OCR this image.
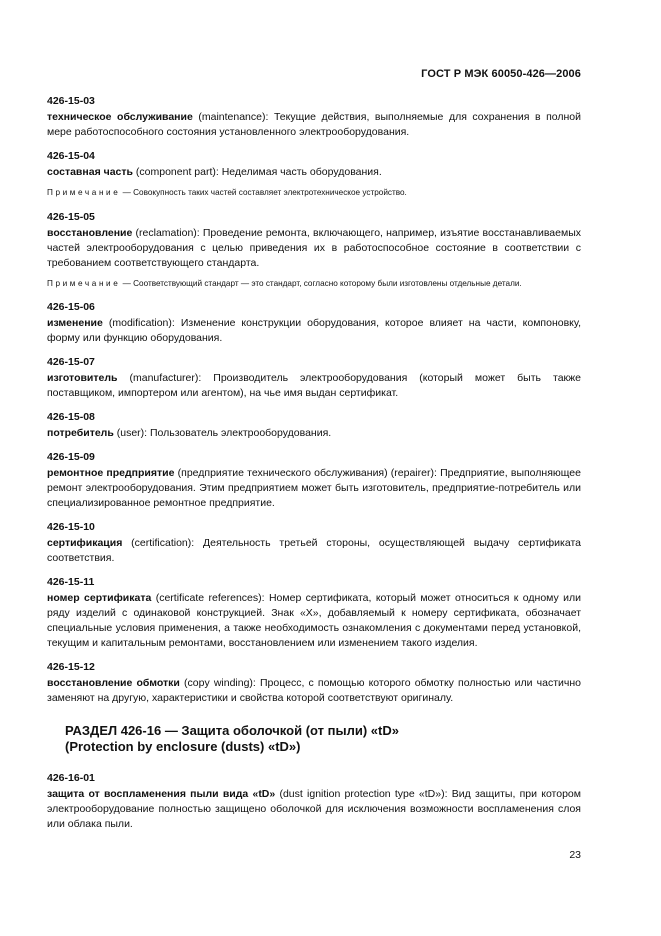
ГОСТ Р МЭК 60050-426—2006
426-15-03
техническое обслуживание (maintenance): Текущие действия, выполняемые для сохранения в полной мере работоспособного состояния установленного электрооборудования.
426-15-04
составная часть (component part): Неделимая часть оборудования.
Примечание — Совокупность таких частей составляет электротехническое устройство.
426-15-05
восстановление (reclamation): Проведение ремонта, включающего, например, изъятие восстанавливаемых частей электрооборудования с целью приведения их в работоспособное состояние в соответствии с требованием соответствующего стандарта.
Примечание — Соответствующий стандарт — это стандарт, согласно которому были изготовлены отдельные детали.
426-15-06
изменение (modification): Изменение конструкции оборудования, которое влияет на части, компоновку, форму или функцию оборудования.
426-15-07
изготовитель (manufacturer): Производитель электрооборудования (который может быть также поставщиком, импортером или агентом), на чье имя выдан сертификат.
426-15-08
потребитель (user): Пользователь электрооборудования.
426-15-09
ремонтное предприятие (предприятие технического обслуживания) (repairer): Предприятие, выполняющее ремонт электрооборудования. Этим предприятием может быть изготовитель, предприятие-потребитель или специализированное ремонтное предприятие.
426-15-10
сертификация (certification): Деятельность третьей стороны, осуществляющей выдачу сертификата соответствия.
426-15-11
номер сертификата (certificate references): Номер сертификата, который может относиться к одному или ряду изделий с одинаковой конструкцией. Знак «Х», добавляемый к номеру сертификата, обозначает специальные условия применения, а также необходимость ознакомления с документами перед установкой, текущим и капитальным ремонтами, восстановлением или изменением такого изделия.
426-15-12
восстановление обмотки (copy winding): Процесс, с помощью которого обмотку полностью или частично заменяют на другую, характеристики и свойства которой соответствуют оригиналу.
РАЗДЕЛ 426-16 — Защита оболочкой (от пыли) «tD»
(Protection by enclosure (dusts) «tD»)
426-16-01
защита от воспламенения пыли вида «tD» (dust ignition protection type «tD»): Вид защиты, при котором электрооборудование полностью защищено оболочкой для исключения возможности воспламенения слоя или облака пыли.
23
